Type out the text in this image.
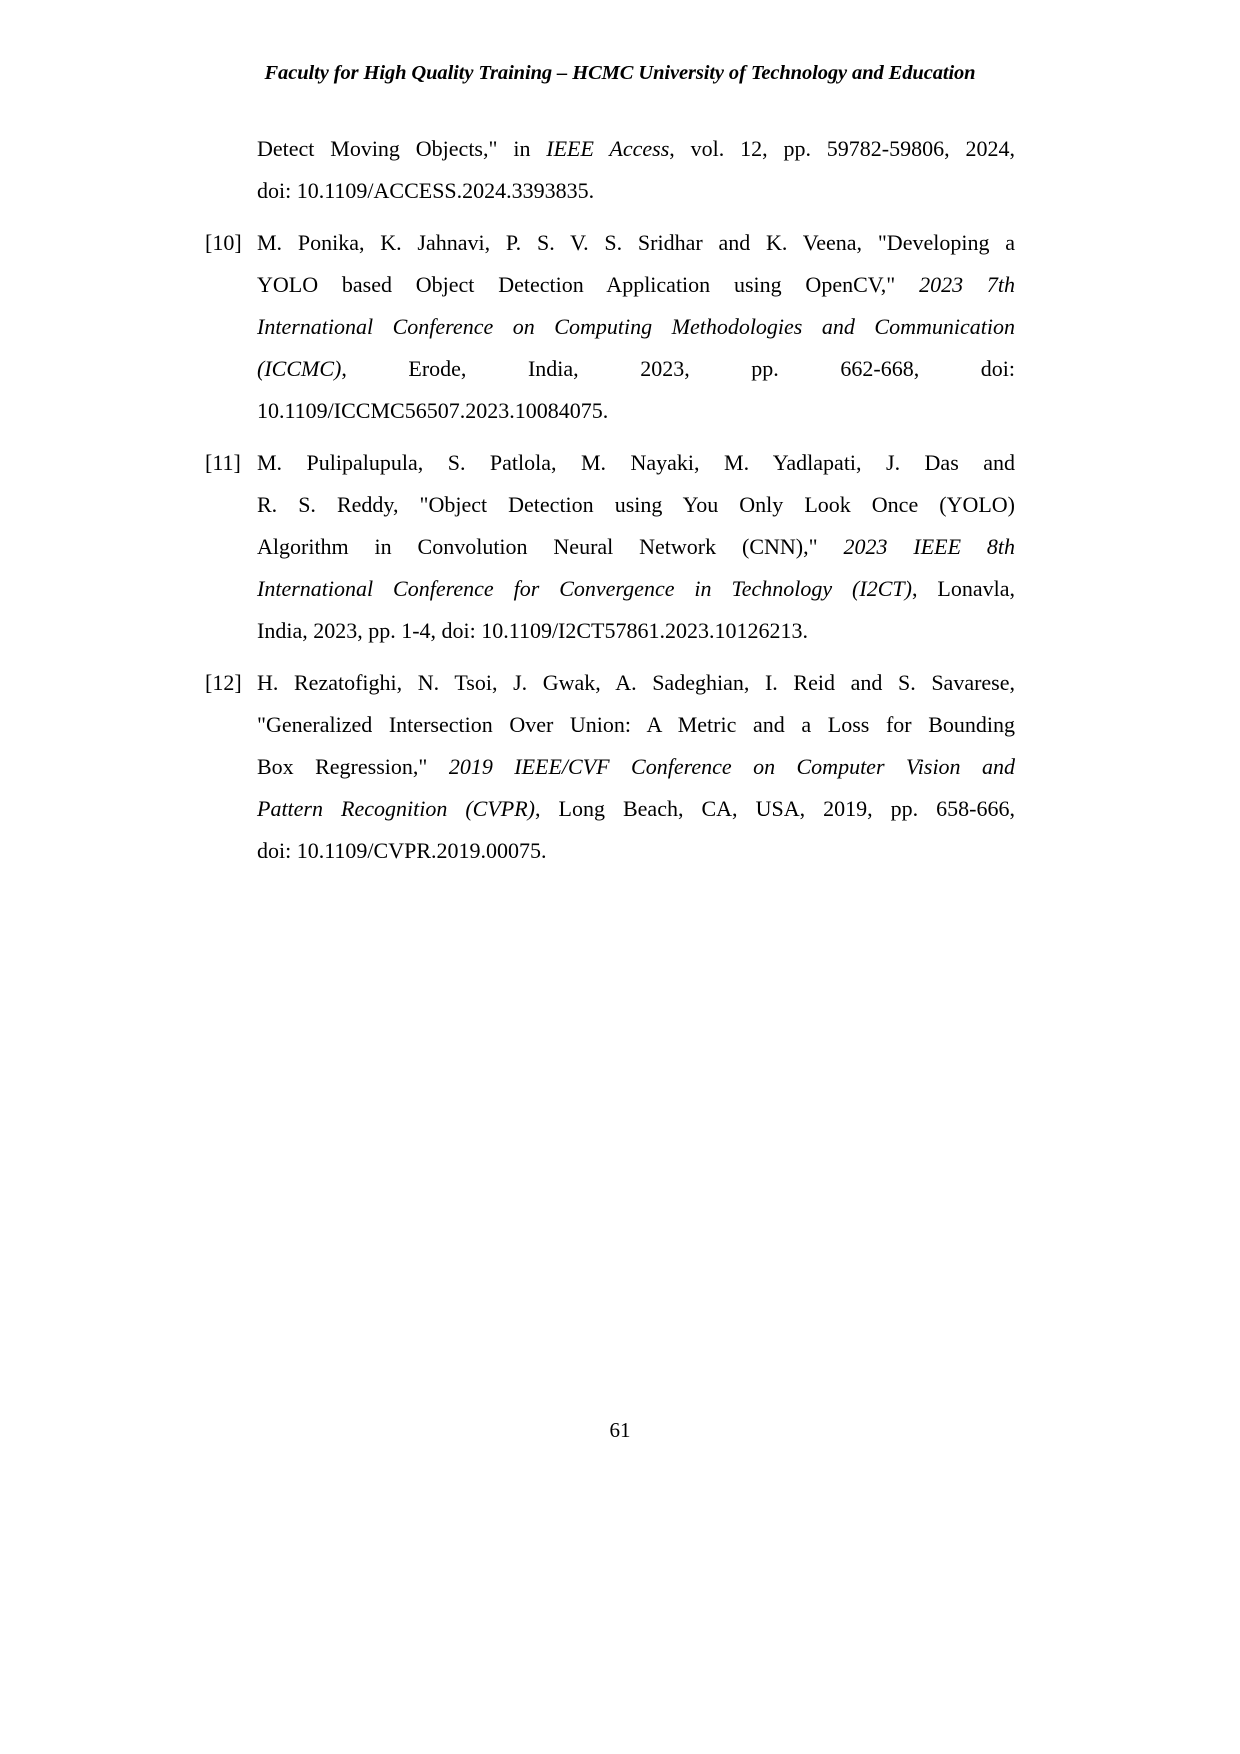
Faculty for High Quality Training – HCMC University of Technology and Education
Detect Moving Objects," in IEEE Access, vol. 12, pp. 59782-59806, 2024,
doi: 10.1109/ACCESS.2024.3393835.
[10] M. Ponika, K. Jahnavi, P. S. V. S. Sridhar and K. Veena, "Developing a
YOLO based Object Detection Application using OpenCV," 2023 7th
International Conference on Computing Methodologies and Communication
(ICCMC), Erode, India, 2023, pp. 662-668, doi:
10.1109/ICCMC56507.2023.10084075.
[11] M. Pulipalupula, S. Patlola, M. Nayaki, M. Yadlapati, J. Das and
R. S. Reddy, "Object Detection using You Only Look Once (YOLO)
Algorithm in Convolution Neural Network (CNN)," 2023 IEEE 8th
International Conference for Convergence in Technology (I2CT), Lonavla,
India, 2023, pp. 1-4, doi: 10.1109/I2CT57861.2023.10126213.
[12] H. Rezatofighi, N. Tsoi, J. Gwak, A. Sadeghian, I. Reid and S. Savarese,
"Generalized Intersection Over Union: A Metric and a Loss for Bounding
Box Regression," 2019 IEEE/CVF Conference on Computer Vision and
Pattern Recognition (CVPR), Long Beach, CA, USA, 2019, pp. 658-666,
doi: 10.1109/CVPR.2019.00075.
61
